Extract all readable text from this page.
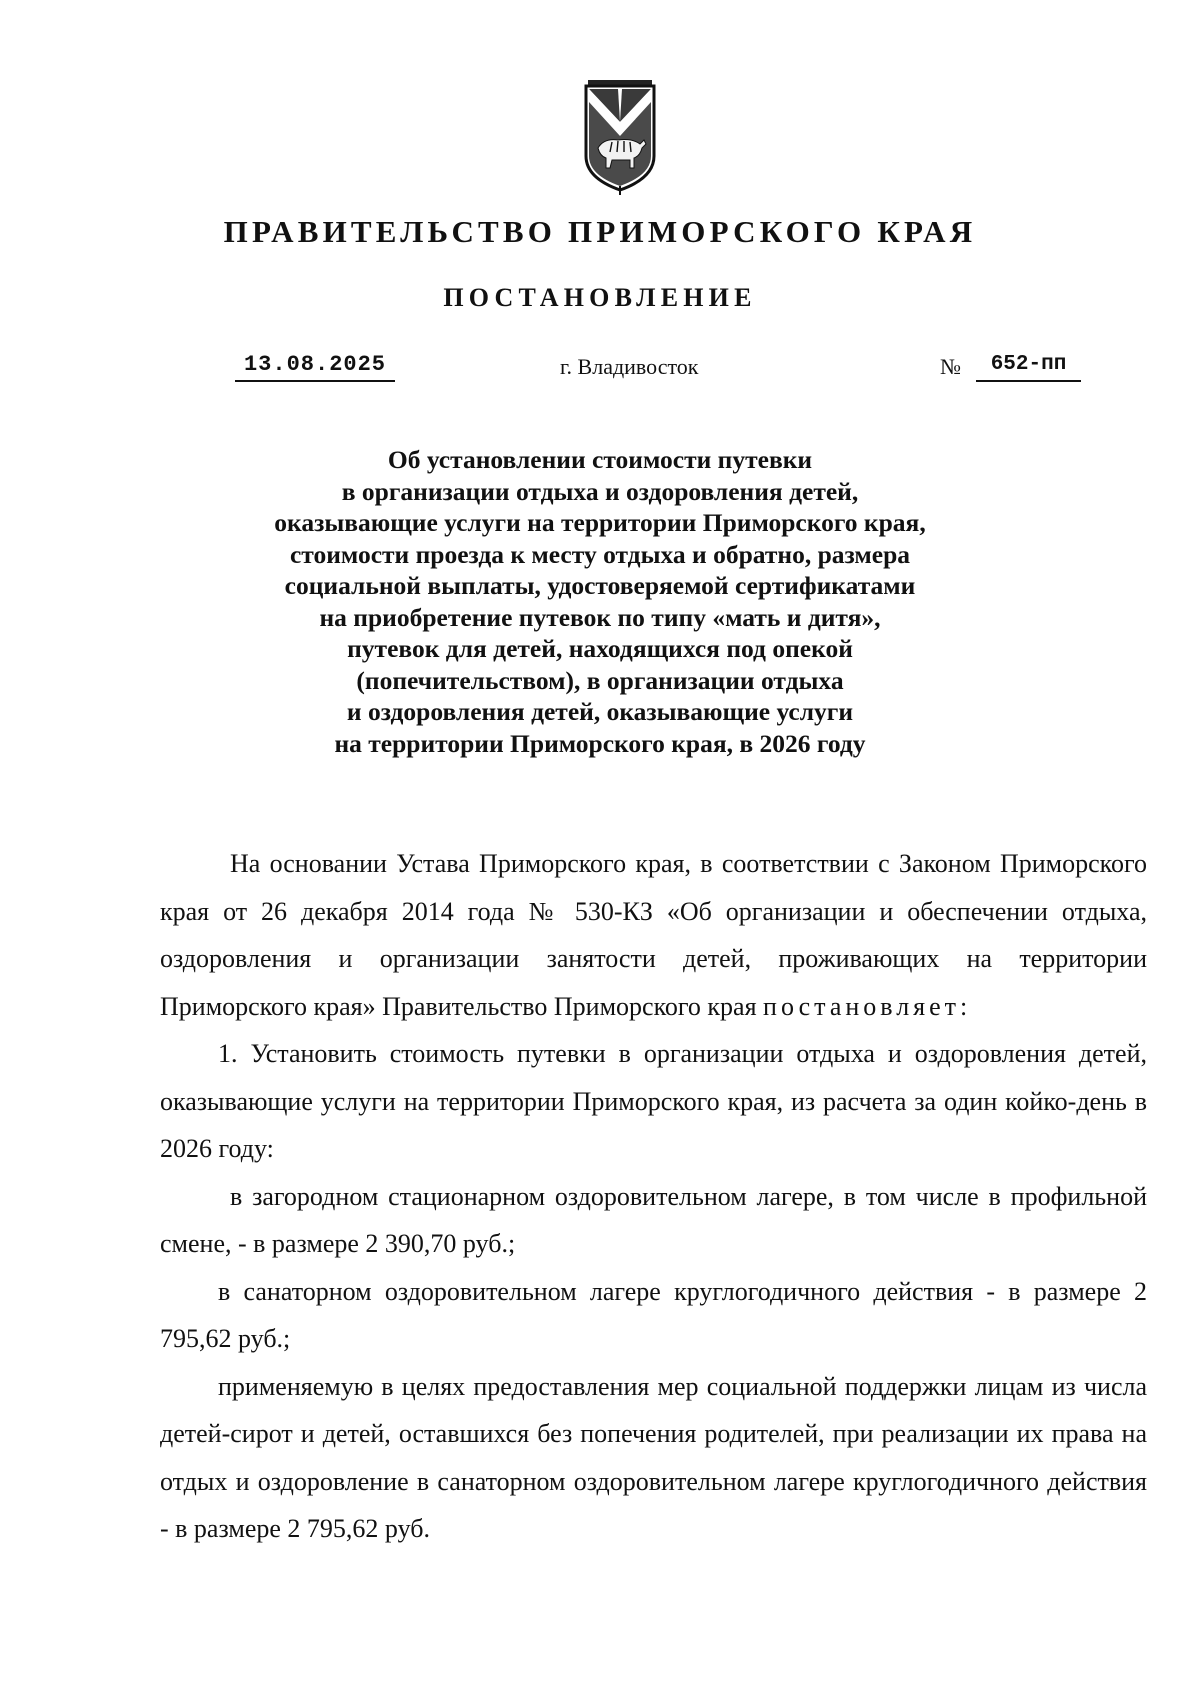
ПРАВИТЕЛЬСТВО ПРИМОРСКОГО КРАЯ
ПОСТАНОВЛЕНИЕ
13.08.2025	г. Владивосток	№	652-пп
Об установлении стоимости путевки
в организации отдыха и оздоровления детей,
оказывающие услуги на территории Приморского края,
стоимости проезда к месту отдыха и обратно, размера
социальной выплаты, удостоверяемой сертификатами
на приобретение путевок по типу «мать и дитя»,
путевок для детей, находящихся под опекой
(попечительством), в организации отдыха
и оздоровления детей, оказывающие услуги
на территории Приморского края, в 2026 году

На основании Устава Приморского края, в соответствии с Законом Приморского края от 26 декабря 2014 года № 530-КЗ «Об организации и обеспечении отдыха, оздоровления и организации занятости детей, проживающих на территории Приморского края» Правительство Приморского края постановляет:

1. Установить стоимость путевки в организации отдыха и оздоровления детей, оказывающие услуги на территории Приморского края, из расчета за один койко-день в 2026 году:

в загородном стационарном оздоровительном лагере, в том числе в профильной смене, - в размере 2 390,70 руб.;

в санаторном оздоровительном лагере круглогодичного действия - в размере 2 795,62 руб.;

применяемую в целях предоставления мер социальной поддержки лицам из числа детей-сирот и детей, оставшихся без попечения родителей, при реализации их права на отдых и оздоровление в санаторном оздоровительном лагере круглогодичного действия - в размере 2 795,62 руб.
